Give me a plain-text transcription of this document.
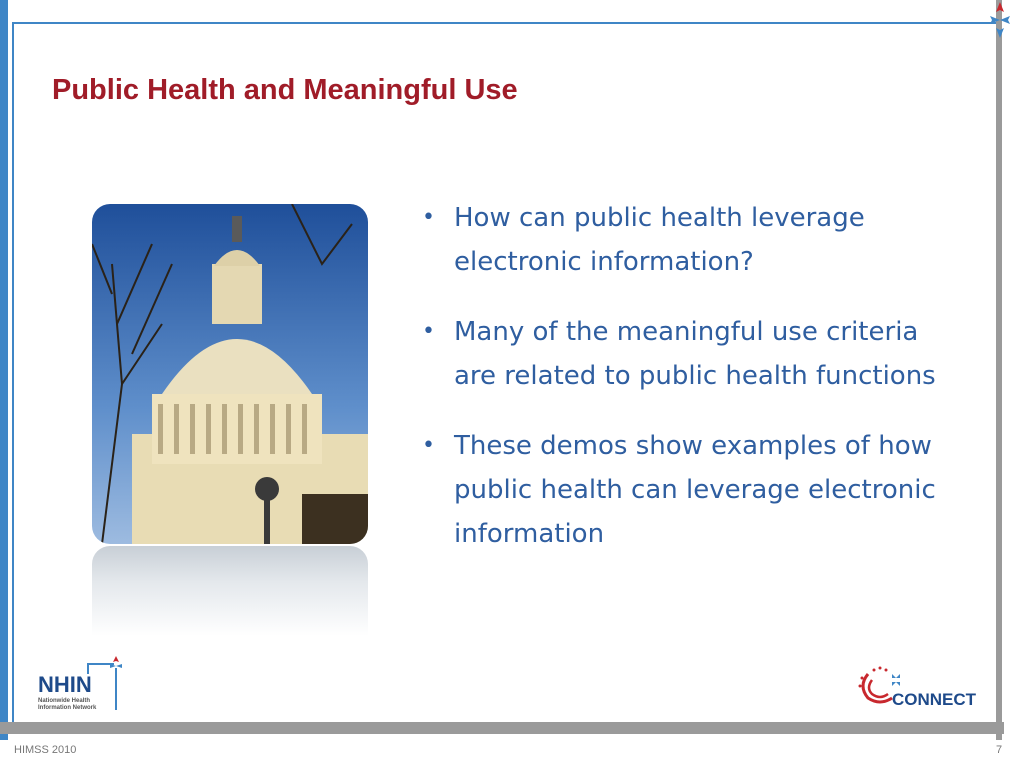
Public Health and Meaningful Use
• How can public health leverage electronic information?
• Many of the meaningful use criteria are related to public health functions
• These demos show examples of how public health can leverage electronic information
NHIN
Nationwide Health
Information Network	CONNECT
HIMSS 2010	7
